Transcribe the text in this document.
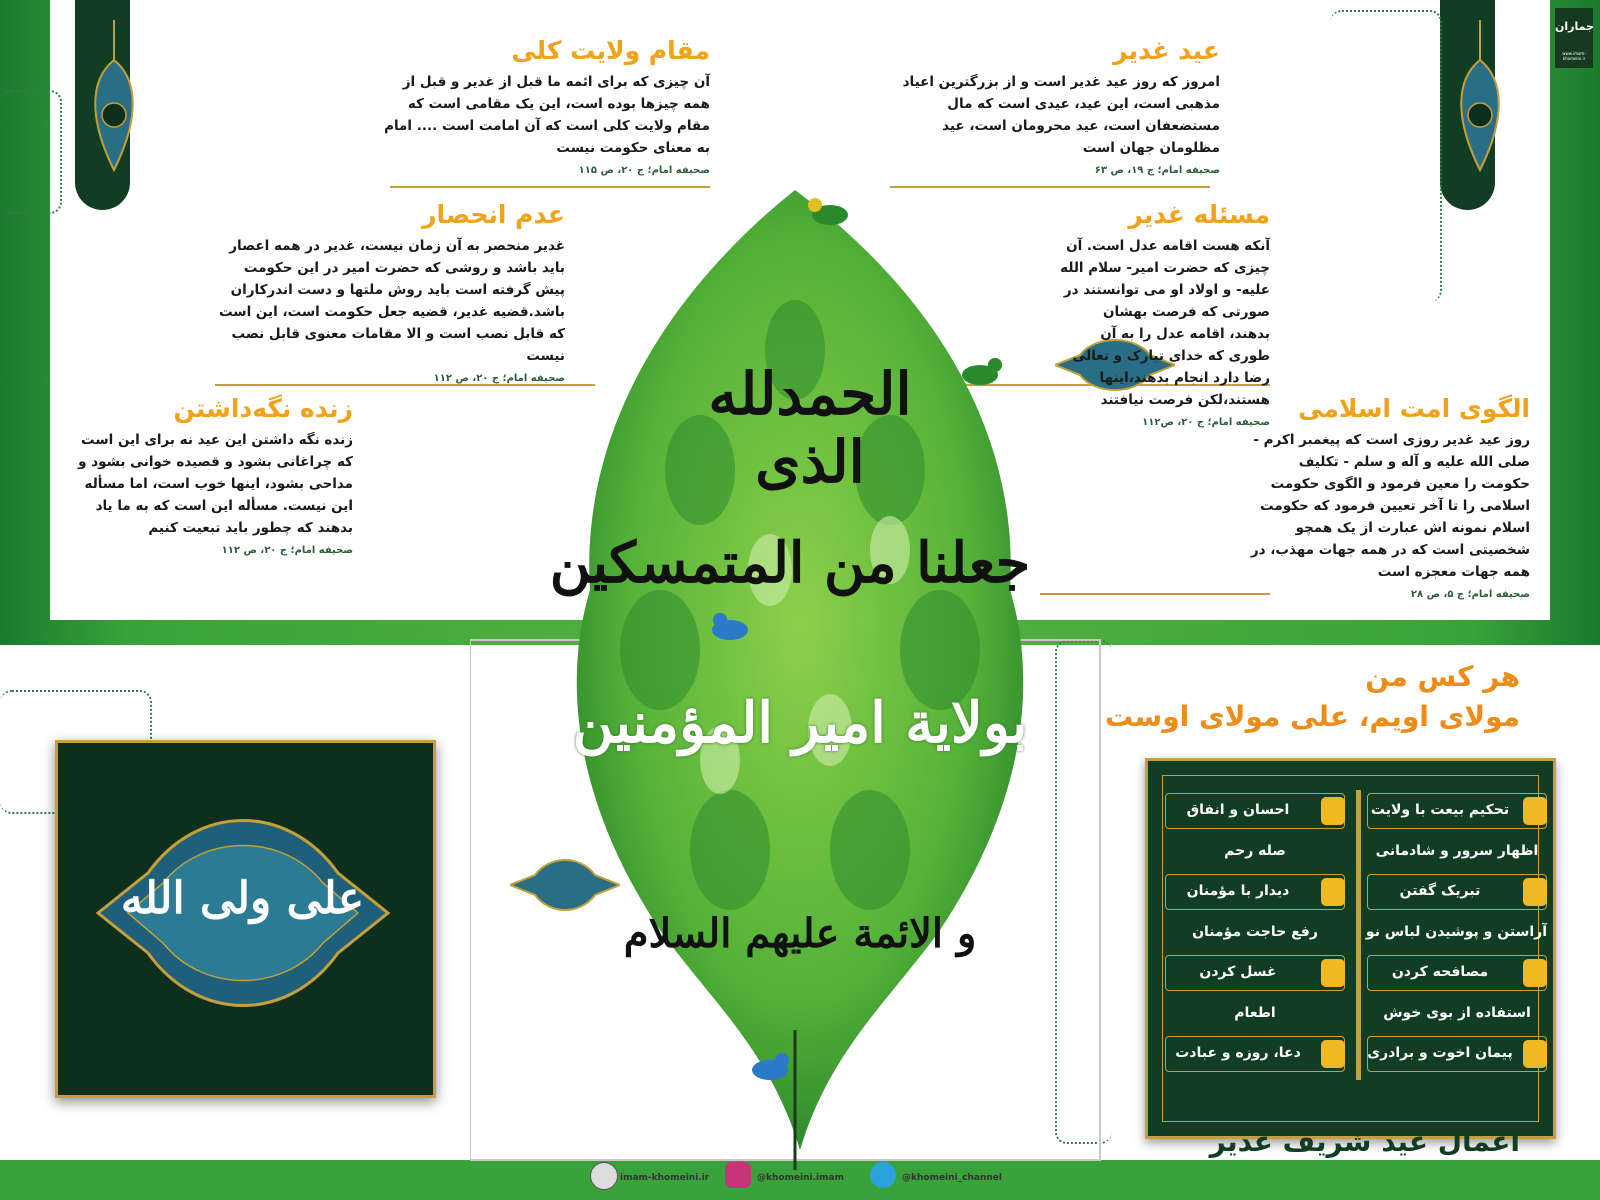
الحمدلله الذی
جعلنا من المتمسکین
بولایة امیر المؤمنین
و الائمة علیهم السلام
عید غدیر

امروز که روز عید غدیر است و از بزرگترین اعیاد مذهبی است، این عید، عیدی است که مال مستضعفان است، عید محرومان است، عید مظلومان جهان است

صحیفه امام؛ ج ۱۹، ص ۶۳
مقام ولایت کلی

آن چیزی که برای ائمه ما قبل از غدیر و قبل از همه چیزها بوده است، این یک مقامی است که مقام ولایت کلی است که آن امامت است .... امام به معنای حکومت نیست

صحیفه امام؛ ج ۲۰، ص ۱۱۵
مسئله غدیر

آنکه هست اقامه عدل است. آن چیزی که حضرت امیر- سلام الله علیه- و اولاد او می توانستند در صورتی که فرصت بهشان بدهند، اقامه عدل را به آن طوری که خدای تبارک و تعالی رضا دارد انجام بدهند،اینها هستند،لکن فرصت نیافتند

صحیفه امام؛ ج ۲۰، ص۱۱۲
عدم انحصار

غدیر منحصر به آن زمان نیست، غدیر در همه اعصار باید باشد و روشی که حضرت امیر در این حکومت پیش گرفته است باید روش ملتها و دست اندرکاران باشد.قضیه غدیر، قضیه جعل حکومت است، این است که قابل نصب است و الا مقامات معنوی قابل نصب نیست

صحیفه امام؛ ج ۲۰، ص ۱۱۲
الگوی امت اسلامی

روز عید غدیر روزی است که پیغمبر اکرم - صلی الله علیه و آله و سلم - تکلیف حکومت را معین فرمود و الگوی حکومت اسلامی را تا آخر تعیین فرمود که حکومت اسلام نمونه اش عبارت از یک همچو شخصیتی است که در همه جهات مهذب، در همه جهات معجزه است

صحیفه امام؛ ج ۵، ص ۲۸
زنده نگه‌داشتن

زنده نگه داشتن این عید نه برای این است که چراغانی بشود و قصیده خوانی بشود و مداحی بشود، اینها خوب است، اما مسأله این نیست. مسأله این است که به ما یاد بدهند که چطور باید تبعیت کنیم

صحیفه امام؛ ج ۲۰، ص ۱۱۲
هر کس من
مولای اویم، علی مولای اوست
تحکیم بیعت با ولایت
اظهار سرور و شادمانی
تبریک گفتن
آراستن و پوشیدن لباس نو
مصافحه کردن
استفاده از بوی خوش
پیمان اخوت و برادری
احسان و انفاق
صله رحم
دیدار با مؤمنان
رفع حاجت مؤمنان
غسل کردن
اطعام
دعا، روزه و عبادت
اعمال عید شریف غدیر
علی ولی الله
imam-khomeini.ir	@khomeini.imam	@khomeini_channel
جماران
www.imam-khomeini.ir
